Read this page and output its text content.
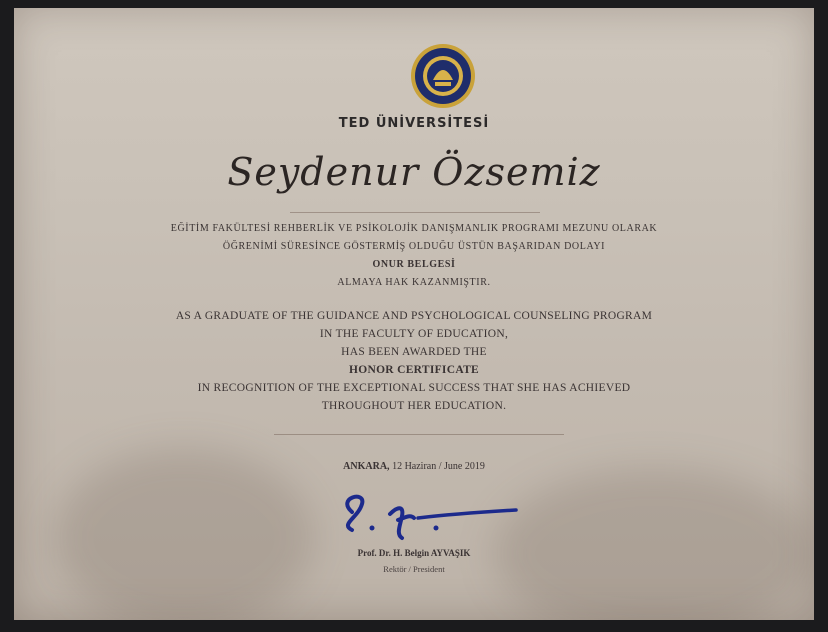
TED ÜNİVERSİTESİ
Seydenur Özsemiz
EĞİTİM FAKÜLTESİ REHBERLİK VE PSİKOLOJİK DANIŞMANLIK PROGRAMI MEZUNU OLARAK
ÖĞRENİMİ SÜRESİNCE GÖSTERMİŞ OLDUĞU ÜSTÜN BAŞARIDAN DOLAYI
ONUR BELGESİ
ALMAYA HAK KAZANMIŞTIR.
AS A GRADUATE OF THE GUIDANCE AND PSYCHOLOGICAL COUNSELING PROGRAM
IN THE FACULTY OF EDUCATION,
HAS BEEN AWARDED THE
HONOR CERTIFICATE
IN RECOGNITION OF THE EXCEPTIONAL SUCCESS THAT SHE HAS ACHIEVED
THROUGHOUT HER EDUCATION.
ANKARA, 12 Haziran / June 2019
Prof. Dr. H. Belgin AYVAŞIK
Rektör / President
